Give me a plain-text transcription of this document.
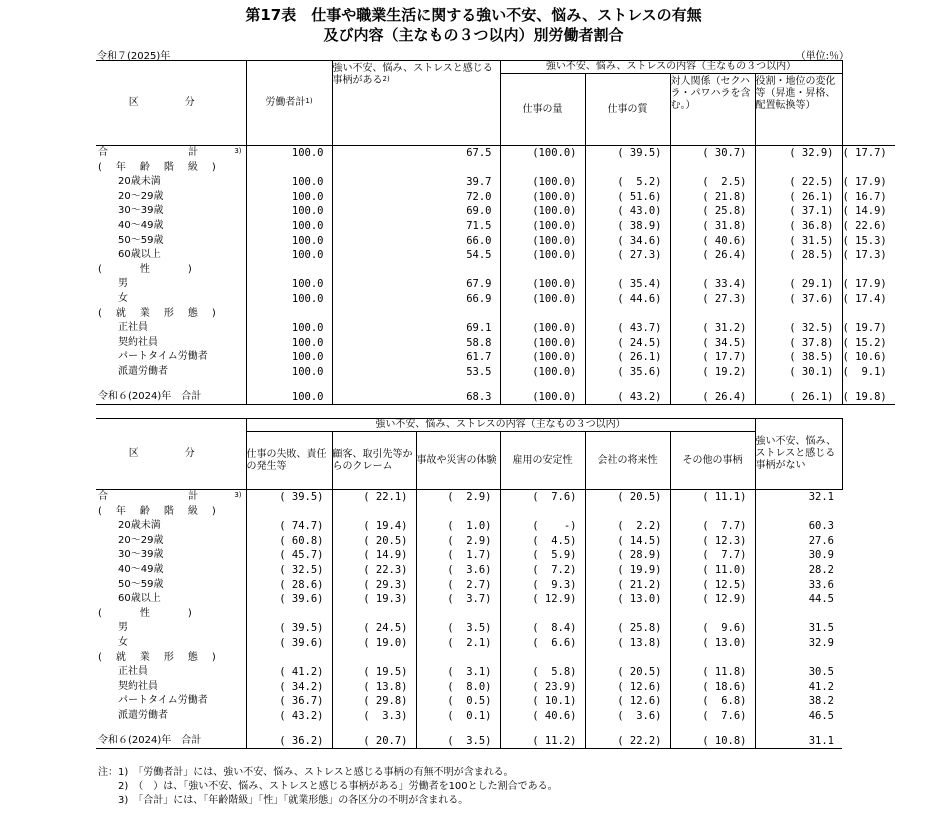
第17表　仕事や職業生活に関する強い不安、悩み、ストレスの有無
及び内容（主なもの３つ以内）別労働者割合
令和７(2025)年	（単位:％）
区　分	労働者計$^{1)}$	強い不安、悩み、ストレスと感じる事柄がある$^{2)}$	強い不安、悩み、ストレスの内容（主なもの３つ以内）				
			仕事の量	仕事の質	対人関係（セクハラ・パワハラを含む。）	役割・地位の変化等（昇進・昇格、配置転換等）	

合　　　　　　　　計 3)	100.0	67.5	(100.0)	( 39.5)	( 30.7)	( 32.9)	( 17.7)
(　年　齢　階　級　)							
　　20歳未満	100.0	39.7	(100.0)	(  5.2)	(  2.5)	( 22.5)	( 17.9)
　　20～29歳	100.0	72.0	(100.0)	( 51.6)	( 21.8)	( 26.1)	( 16.7)
　　30～39歳	100.0	69.0	(100.0)	( 43.0)	( 25.8)	( 37.1)	( 14.9)
　　40～49歳	100.0	71.5	(100.0)	( 38.9)	( 31.8)	( 36.8)	( 22.6)
　　50～59歳	100.0	66.0	(100.0)	( 34.6)	( 40.6)	( 31.5)	( 15.3)
　　60歳以上	100.0	54.5	(100.0)	( 27.3)	( 26.4)	( 28.5)	( 17.3)
(　　　性　　　)							
　　男	100.0	67.9	(100.0)	( 35.4)	( 33.4)	( 29.1)	( 17.9)
　　女	100.0	66.9	(100.0)	( 44.6)	( 27.3)	( 37.6)	( 17.4)
(　就　業　形　態　)							
　　正社員	100.0	69.1	(100.0)	( 43.7)	( 31.2)	( 32.5)	( 19.7)
　　契約社員	100.0	58.8	(100.0)	( 24.5)	( 34.5)	( 37.8)	( 15.2)
　　パートタイム労働者	100.0	61.7	(100.0)	( 26.1)	( 17.7)	( 38.5)	( 10.6)
　　派遣労働者	100.0	53.5	(100.0)	( 35.6)	( 19.2)	( 30.1)	(  9.1)

令和６(2024)年　合計	100.0	68.3	(100.0)	( 43.2)	( 26.4)	( 26.1)	( 19.8)
区　分	強い不安、悩み、ストレスの内容（主なもの３つ以内）						強い不安、悩み、ストレスと感じる事柄がない
	仕事の失敗、責任の発生等	顧客、取引先等からのクレーム	事故や災害の体験	雇用の安定性	会社の将来性	その他の事柄	

合　　　　　　　　計 3)	( 39.5)	( 22.1)	(  2.9)	(  7.6)	( 20.5)	( 11.1)	32.1
(　年　齢　階　級　)							
　　20歳未満	( 74.7)	( 19.4)	(  1.0)	(    -)	(  2.2)	(  7.7)	60.3
　　20～29歳	( 60.8)	( 20.5)	(  2.9)	(  4.5)	( 14.5)	( 12.3)	27.6
　　30～39歳	( 45.7)	( 14.9)	(  1.7)	(  5.9)	( 28.9)	(  7.7)	30.9
　　40～49歳	( 32.5)	( 22.3)	(  3.6)	(  7.2)	( 19.9)	( 11.0)	28.2
　　50～59歳	( 28.6)	( 29.3)	(  2.7)	(  9.3)	( 21.2)	( 12.5)	33.6
　　60歳以上	( 39.6)	( 19.3)	(  3.7)	( 12.9)	( 13.0)	( 12.9)	44.5
(　　　性　　　)							
　　男	( 39.5)	( 24.5)	(  3.5)	(  8.4)	( 25.8)	(  9.6)	31.5
　　女	( 39.6)	( 19.0)	(  2.1)	(  6.6)	( 13.8)	( 13.0)	32.9
(　就　業　形　態　)							
　　正社員	( 41.2)	( 19.5)	(  3.1)	(  5.8)	( 20.5)	( 11.8)	30.5
　　契約社員	( 34.2)	( 13.8)	(  8.0)	( 23.9)	( 12.6)	( 18.6)	41.2
　　パートタイム労働者	( 36.7)	( 29.8)	(  0.5)	( 10.1)	( 12.6)	(  6.8)	38.2
　　派遣労働者	( 43.2)	(  3.3)	(  0.1)	( 40.6)	(  3.6)	(  7.6)	46.5

令和６(2024)年　合計	( 36.2)	( 20.7)	(  3.5)	( 11.2)	( 22.2)	( 10.8)	31.1
注：1)　「労働者計」には、強い不安、悩み、ストレスと感じる事柄の有無不明が含まれる。
　　2)　（　）は、「強い不安、悩み、ストレスと感じる事柄がある」労働者を100とした割合である。
　　3)　「合計」には、「年齢階級」「性」「就業形態」の各区分の不明が含まれる。
